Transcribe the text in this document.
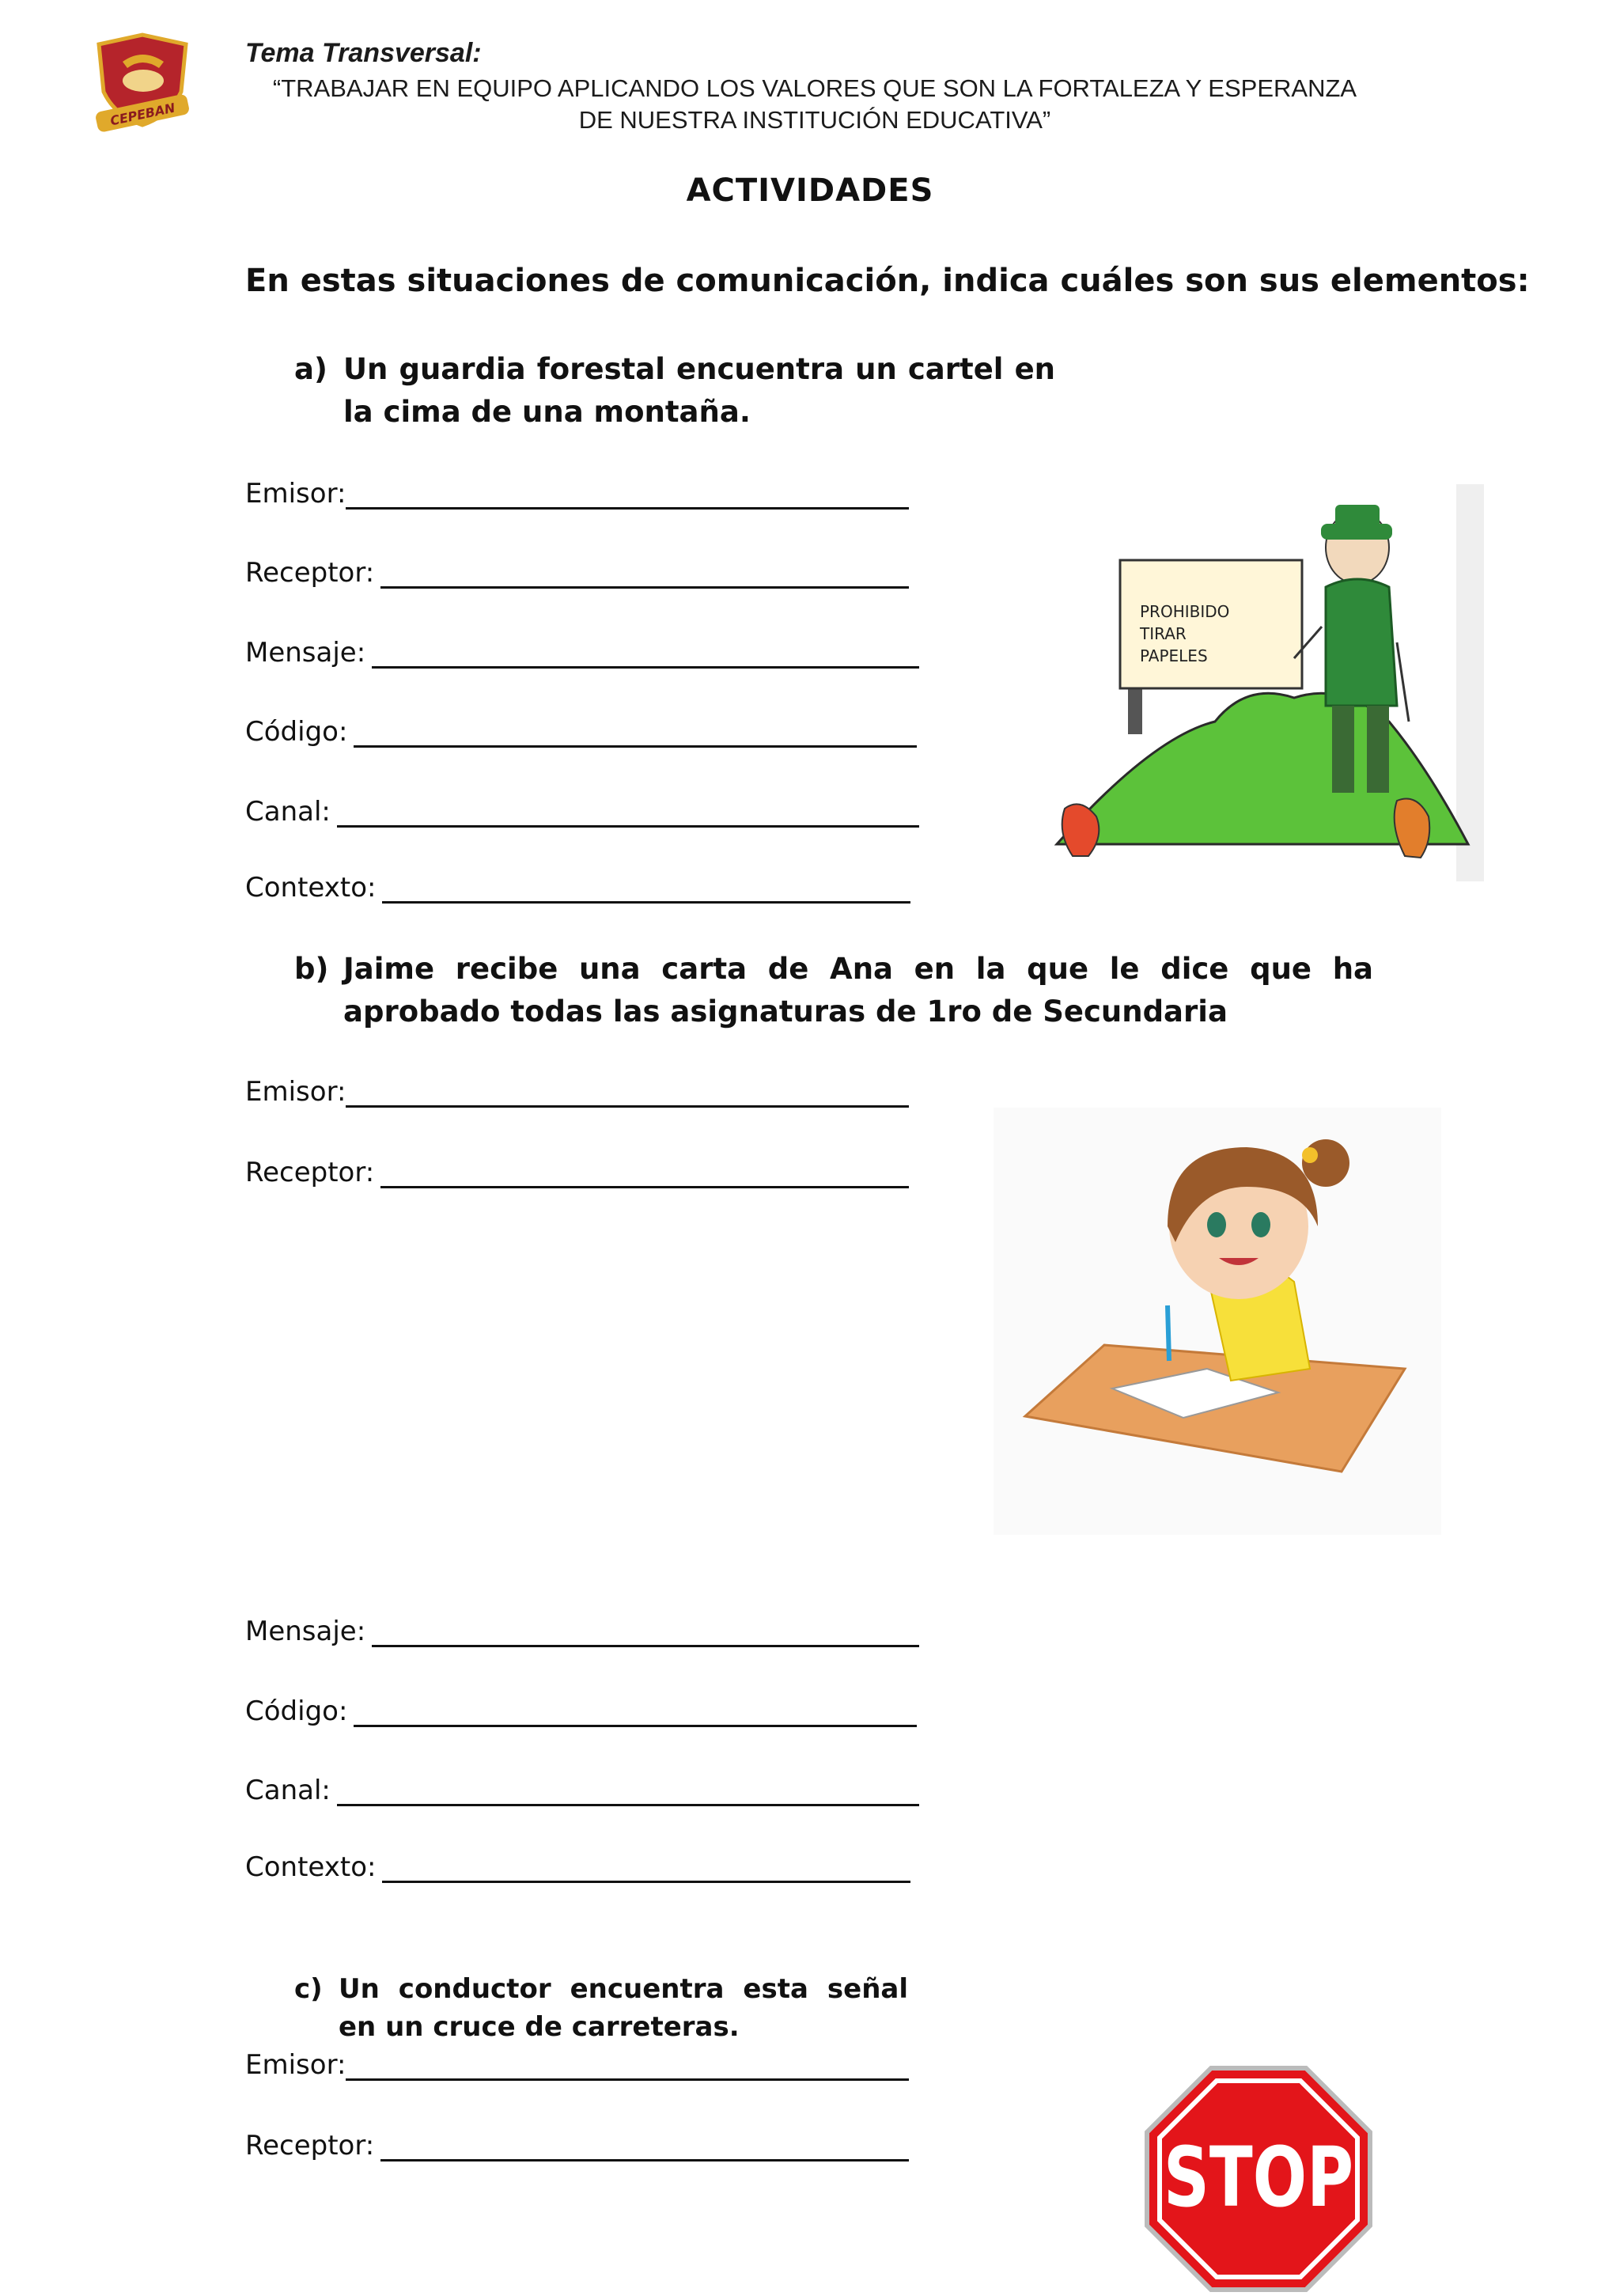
CEPEBAN
Tema Transversal:
“TRABAJAR EN EQUIPO APLICANDO LOS VALORES QUE SON LA FORTALEZA Y ESPERANZA
DE NUESTRA INSTITUCIÓN EDUCATIVA”
ACTIVIDADES
En estas situaciones de comunicación, indica cuáles son sus elementos:
a) Un guardia forestal encuentra un cartel en la cima de una montaña.
Emisor:
Receptor:
Mensaje:
Código:
Canal:
Contexto:
PROHIBIDO
TIRAR
PAPELES
b) Jaime recibe una carta de Ana en la que le dice que ha aprobado todas las asignaturas de 1ro de Secundaria
Emisor:
Receptor:
Mensaje:
Código:
Canal:
Contexto:
c) Un conductor encuentra esta señal en un cruce de carreteras.
Emisor:
Receptor:	STOP
